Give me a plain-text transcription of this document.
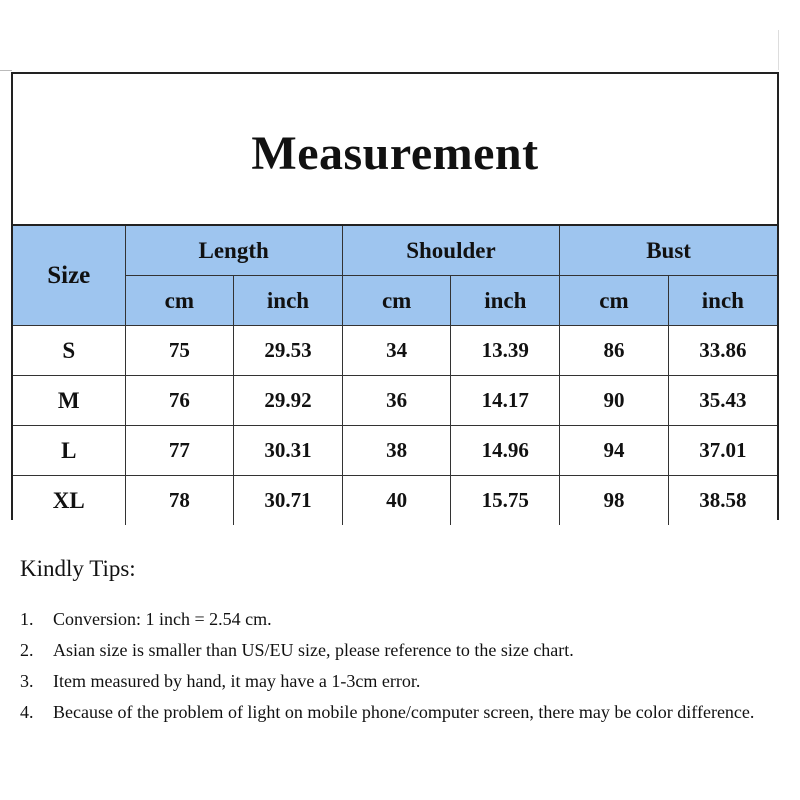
Measurement
Size	Length		Shoulder		Bust	
	cm	inch	cm	inch	cm	inch
S	75	29.53	34	13.39	86	33.86
M	76	29.92	36	14.17	90	35.43
L	77	30.31	38	14.96	94	37.01
XL	78	30.71	40	15.75	98	38.58
Kindly Tips:
1.	Conversion: 1 inch = 2.54 cm.
2.	Asian size is smaller than US/EU size, please reference to the size chart.
3.	Item measured by hand, it may have a 1-3cm error.
4.	Because of the problem of light on mobile phone/computer screen, there may be color difference.
